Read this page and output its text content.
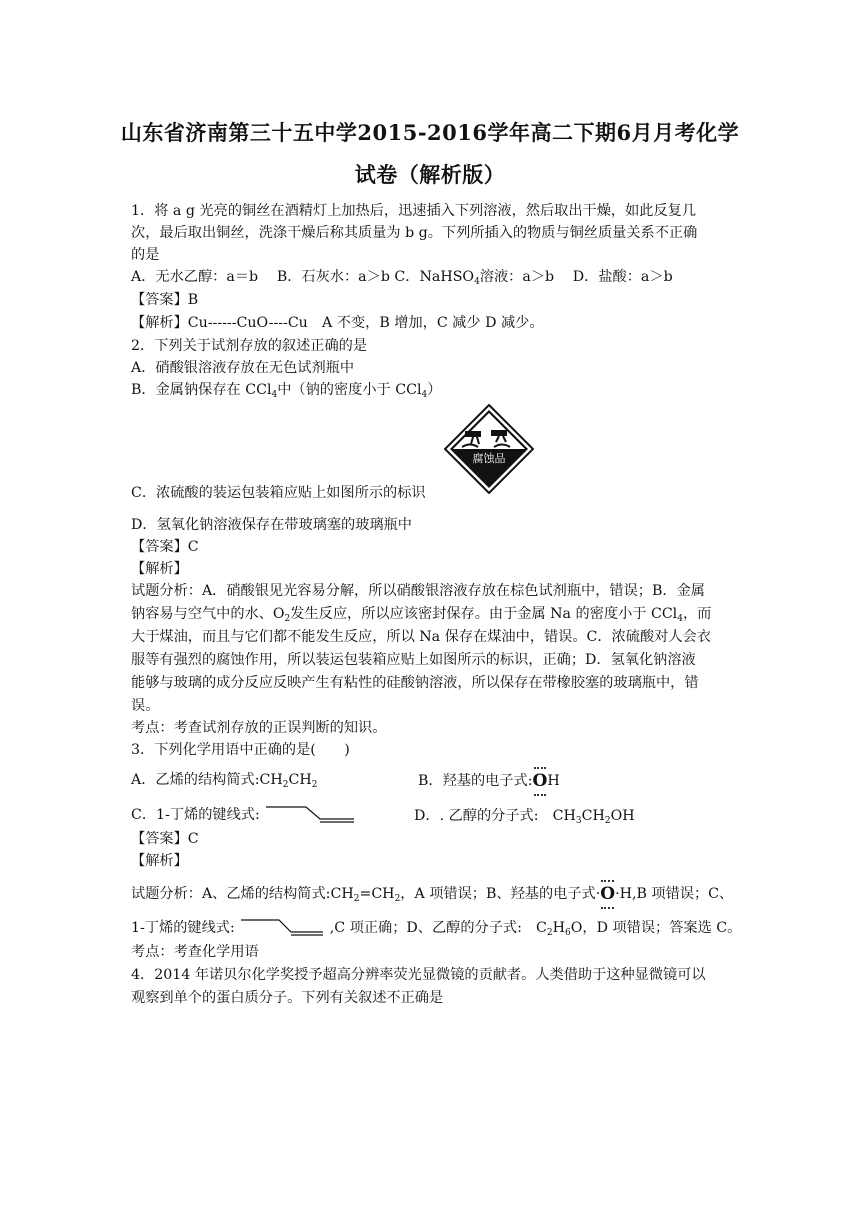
山东省济南第三十五中学2015-2016学年高二下期6月月考化学
试卷（解析版）
1．将 a g 光亮的铜丝在酒精灯上加热后，迅速插入下列溶液，然后取出干燥，如此反复几
次，最后取出铜丝，洗涤干燥后称其质量为 b g。下列所插入的物质与铜丝质量关系不正确
的是
A．无水乙醇：a＝b　 B．石灰水：a＞b C．NaHSO$_4$溶液：a＞b　 D．盐酸：a＞b
【答案】B
【解析】Cu------CuO----Cu　A 不变，B 增加，C 减少 D 减少。
2．下列关于试剂存放的叙述正确的是
A．硝酸银溶液存放在无色试剂瓶中
B．金属钠保存在 CCl$_4$中（钠的密度小于 CCl$_4$）
腐蚀品
C．浓硫酸的装运包装箱应贴上如图所示的标识
D．氢氧化钠溶液保存在带玻璃塞的玻璃瓶中
【答案】C
【解析】
试题分析：A．硝酸银见光容易分解，所以硝酸银溶液存放在棕色试剂瓶中，错误；B．金属
钠容易与空气中的水、$O_2$发生反应，所以应该密封保存。由于金属 Na 的密度小于 CCl$_4$，而
大于煤油，而且与它们都不能发生反应，所以 Na 保存在煤油中，错误。C．浓硫酸对人会衣
服等有强烈的腐蚀作用，所以装运包装箱应贴上如图所示的标识，正确；D．氢氧化钠溶液
能够与玻璃的成分反应反映产生有粘性的硅酸钠溶液，所以保存在带橡胶塞的玻璃瓶中，错
误。
考点：考查试剂存放的正误判断的知识。
3．下列化学用语中正确的是(　　)
A．乙烯的结构简式$:CH_2CH_2$	B．羟基的电子式:
O
H
C．1-丁烯的键线式:	D．. 乙醇的分子式:　$CH_3CH_2OH$
【答案】C
【解析】
试题分析：A、乙烯的结构简式$:CH_2=CH_2$，A 项错误；B、羟基的电子式·
O
·H,B 项错误；C、
1-丁烯的键线式:	,C 项正确；D、乙醇的分子式:　$C_2H_6O$，D 项错误；答案选 C。
考点：考查化学用语
4．2014 年诺贝尔化学奖授予超高分辨率荧光显微镜的贡献者。人类借助于这种显微镜可以
观察到单个的蛋白质分子。下列有关叙述不正确是
